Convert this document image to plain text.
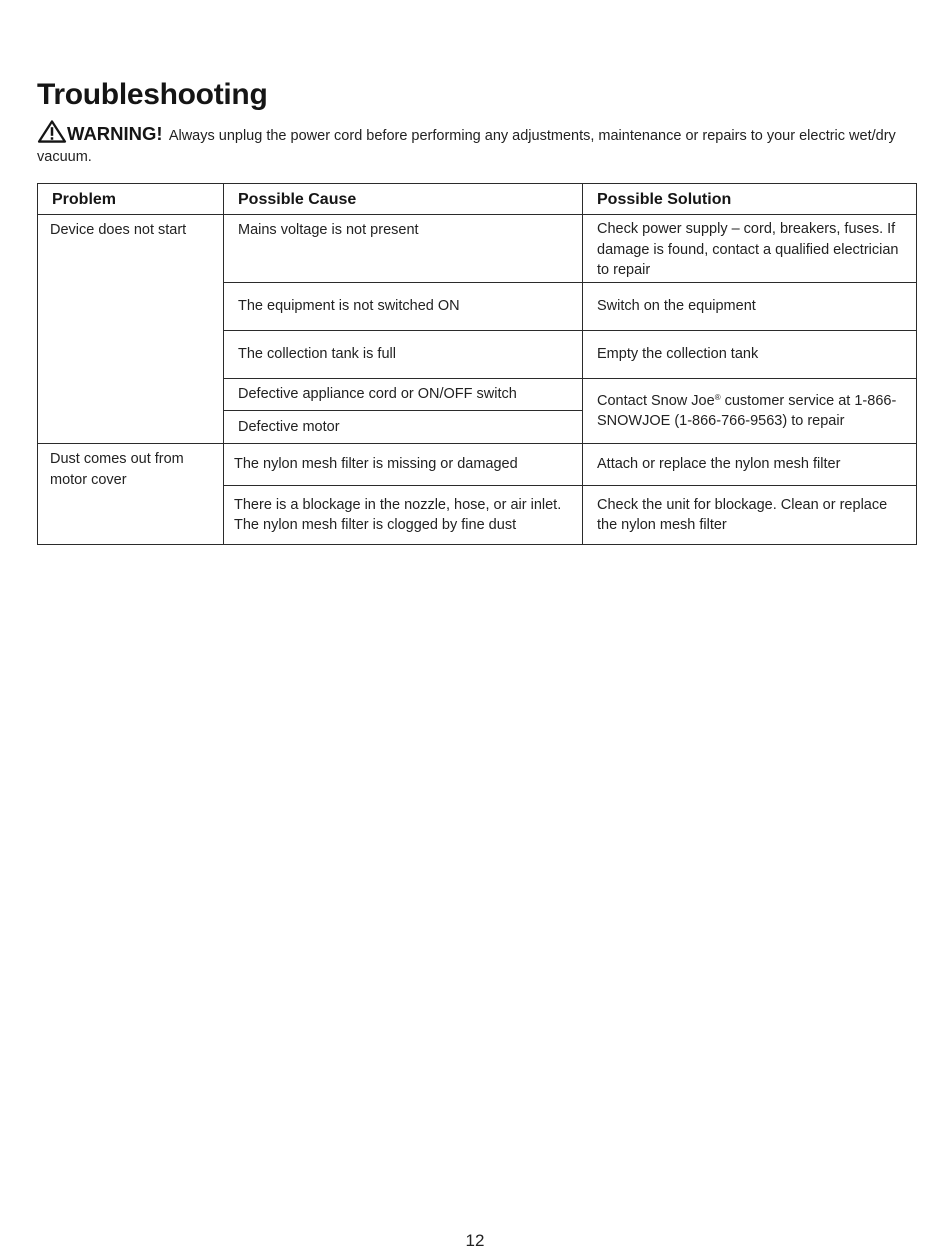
Troubleshooting
WARNING! Always unplug the power cord before performing any adjustments, maintenance or repairs to your electric wet/dry vacuum.
Problem	Possible Cause	Possible Solution
Device does not start	Mains voltage is not present	Check power supply – cord, breakers, fuses. If damage is found, contact a qualified electrician to repair
	The equipment is not switched ON	Switch on the equipment
	The collection tank is full	Empty the collection tank
	Defective appliance cord or ON/OFF switch	Contact Snow Joe® customer service at 1-866-SNOWJOE (1-866-766-9563) to repair
	Defective motor	
Dust comes out from motor cover	The nylon mesh filter is missing or damaged	Attach or replace the nylon mesh filter
	There is a blockage in the nozzle, hose, or air inlet. The nylon mesh filter is clogged by fine dust	Check the unit for blockage. Clean or replace the nylon mesh filter
12
